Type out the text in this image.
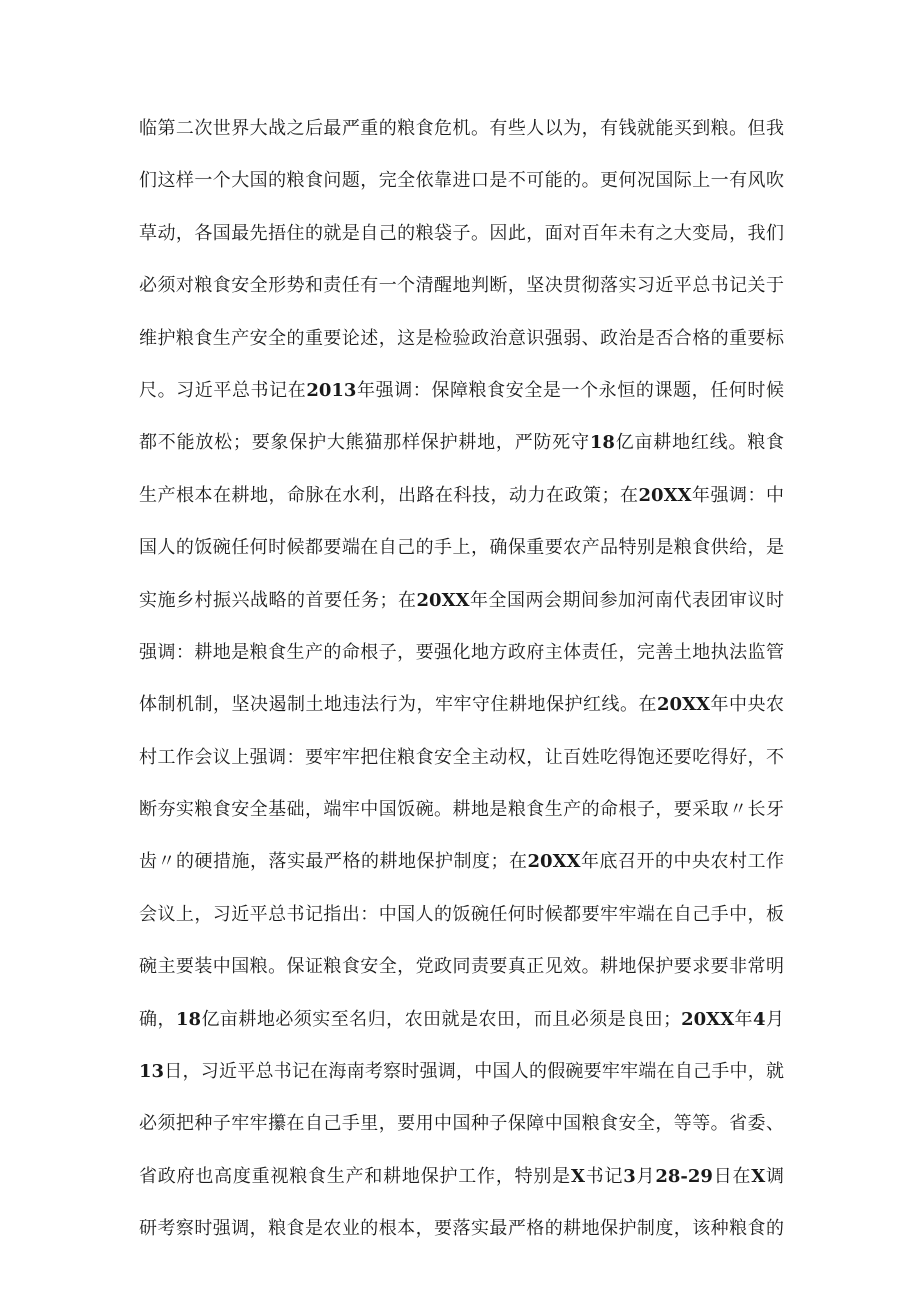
临第二次世界大战之后最严重的粮食危机。有些人以为，有钱就能买到粮。但我
们这样一个大国的粮食问题，完全依靠进口是不可能的。更何况国际上一有风吹
草动，各国最先捂住的就是自己的粮袋子。因此，面对百年未有之大变局，我们
必须对粮食安全形势和责任有一个清醒地判断，坚决贯彻落实习近平总书记关于
维护粮食生产安全的重要论述，这是检验政治意识强弱、政治是否合格的重要标
尺。习近平总书记在2013年强调：保障粮食安全是一个永恒的课题，任何时候
都不能放松；要象保护大熊猫那样保护耕地，严防死守18亿亩耕地红线。粮食
生产根本在耕地，命脉在水利，出路在科技，动力在政策；在20XX年强调：中
国人的饭碗任何时候都要端在自己的手上，确保重要农产品特别是粮食供给，是
实施乡村振兴战略的首要任务；在20XX年全国两会期间参加河南代表团审议时
强调：耕地是粮食生产的命根子，要强化地方政府主体责任，完善土地执法监管
体制机制，坚决遏制土地违法行为，牢牢守住耕地保护红线。在20XX年中央农
村工作会议上强调：要牢牢把住粮食安全主动权，让百姓吃得饱还要吃得好，不
断夯实粮食安全基础，端牢中国饭碗。耕地是粮食生产的命根子，要采取〃长牙
齿〃的硬措施，落实最严格的耕地保护制度；在20XX年底召开的中央农村工作
会议上，习近平总书记指出：中国人的饭碗任何时候都要牢牢端在自己手中，板
碗主要装中国粮。保证粮食安全，党政同责要真正见效。耕地保护要求要非常明
确，18亿亩耕地必须实至名归，农田就是农田，而且必须是良田；20XX年4月
13日，习近平总书记在海南考察时强调，中国人的假碗要牢牢端在自己手中，就
必须把种子牢牢攥在自己手里，要用中国种子保障中国粮食安全，等等。省委、
省政府也高度重视粮食生产和耕地保护工作，特别是X书记3月28-29日在X调
研考察时强调，粮食是农业的根本，要落实最严格的耕地保护制度，该种粮食的
